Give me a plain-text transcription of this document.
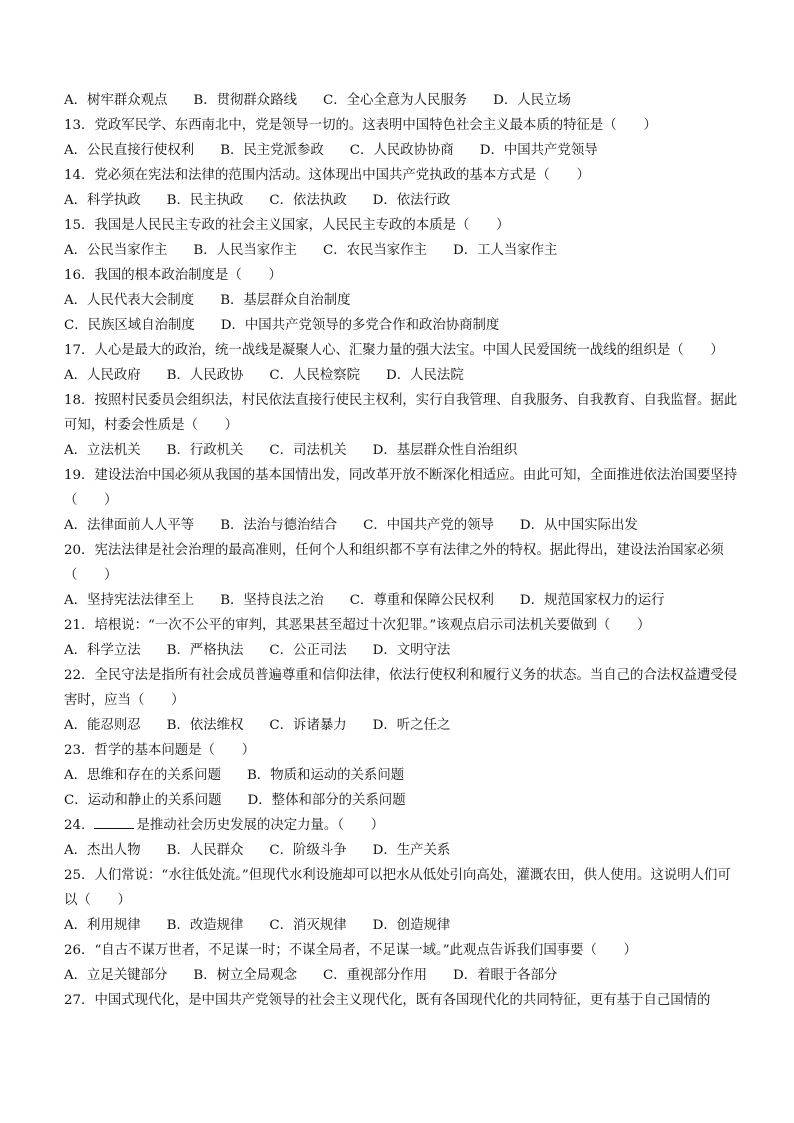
A．树牢群众观点 B．贯彻群众路线 C．全心全意为人民服务 D．人民立场
13．党政军民学、东西南北中，党是领导一切的。这表明中国特色社会主义最本质的特征是（　　）
A．公民直接行使权利 B．民主党派参政 C．人民政协协商 D．中国共产党领导
14．党必须在宪法和法律的范围内活动。这体现出中国共产党执政的基本方式是（　　）
A．科学执政 B．民主执政 C．依法执政 D．依法行政
15．我国是人民民主专政的社会主义国家，人民民主专政的本质是（　　）
A．公民当家作主 B．人民当家作主 C．农民当家作主 D．工人当家作主
16．我国的根本政治制度是（　　）
A．人民代表大会制度 B．基层群众自治制度
C．民族区域自治制度 D．中国共产党领导的多党合作和政治协商制度
17．人心是最大的政治，统一战线是凝聚人心、汇聚力量的强大法宝。中国人民爱国统一战线的组织是（　　）
A．人民政府 B．人民政协 C．人民检察院 D．人民法院
18．按照村民委员会组织法，村民依法直接行使民主权利，实行自我管理、自我服务、自我教育、自我监督。据此可知，村委会性质是（　　）
A．立法机关 B．行政机关 C．司法机关 D．基层群众性自治组织
19．建设法治中国必须从我国的基本国情出发，同改革开放不断深化相适应。由此可知，全面推进依法治国要坚持（　　）
A．法律面前人人平等 B．法治与德治结合 C．中国共产党的领导 D．从中国实际出发
20．宪法法律是社会治理的最高准则，任何个人和组织都不享有法律之外的特权。据此得出，建设法治国家必须（　　）
A．坚持宪法法律至上 B．坚持良法之治 C．尊重和保障公民权利 D．规范国家权力的运行
21．培根说：“一次不公平的审判，其恶果甚至超过十次犯罪。”该观点启示司法机关要做到（　　）
A．科学立法 B．严格执法 C．公正司法 D．文明守法
22．全民守法是指所有社会成员普遍尊重和信仰法律，依法行使权利和履行义务的状态。当自己的合法权益遭受侵害时，应当（　　）
A．能忍则忍 B．依法维权 C．诉诸暴力 D．听之任之
23．哲学的基本问题是（　　）
A．思维和存在的关系问题 B．物质和运动的关系问题
C．运动和静止的关系问题 D．整体和部分的关系问题
24．	是推动社会历史发展的决定力量。（　　）
A．杰出人物 B．人民群众 C．阶级斗争 D．生产关系
25．人们常说：“水往低处流。”但现代水利设施却可以把水从低处引向高处，灌溉农田，供人使用。这说明人们可以（　　）
A．利用规律 B．改造规律 C．消灭规律 D．创造规律
26．“自古不谋万世者，不足谋一时；不谋全局者，不足谋一域。”此观点告诉我们国事要（　　）
A．立足关键部分 B．树立全局观念 C．重视部分作用 D．着眼于各部分
27．中国式现代化，是中国共产党领导的社会主义现代化，既有各国现代化的共同特征，更有基于自己国情的
